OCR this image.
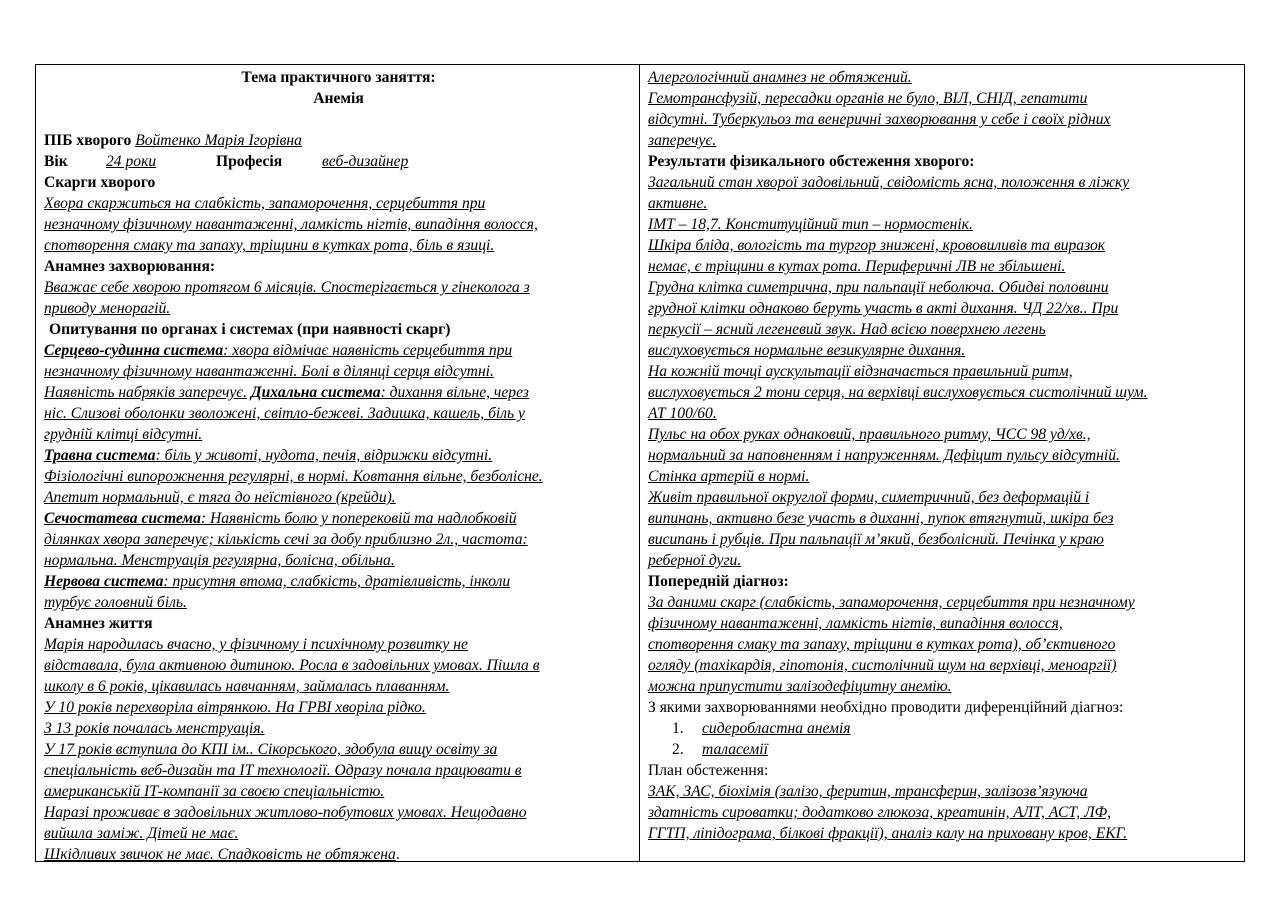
Тема практичного заняття:
Анемія
ПІБ хворого Войтенко Марія Ігорівна
Вік 24 роки	Професія	веб-дизайнер
Скарги хворого
Хвора скаржиться на слабкість, запаморочення, серцебиття при
незначному фізичному навантаженні, ламкість нігтів, випадіння волосся,
спотворення смаку та запаху, тріщини в кутках рота, біль в язиці.
Анамнез захворювання:
Вважає себе хворою протягом 6 місяців. Спостерігається у гінеколога з
приводу менорагій.
Опитування по органах і системах (при наявності скарг)
Серцево-судинна система: хвора відмічає наявність серцебиття при
незначному фізичному навантаженні. Болі в ділянці серця відсутні.
Наявність набряків заперечує. Дихальна система: дихання вільне, через
ніс. Слизові оболонки зволожені, світло-бежеві. Задишка, кашель, біль у
грудній клітці відсутні.
Травна система: біль у животі, нудота, печія, відрижки відсутні.
Фізіологічні випорожнення регулярні, в нормі. Ковтання вільне, безболісне.
Апетит нормальний, є тяга до неїстівного (крейди).
Сечостатева система: Наявність болю у поперековій та надлобковій
ділянках хвора заперечує; кількість сечі за добу приблизно 2л., частота:
нормальна. Менструація регулярна, болісна, обільна.
Нервова система: присутня втома, слабкість, дратівливість, інколи
турбує головний біль.
Анамнез життя
Марія народилась вчасно, у фізичному і психічному розвитку не
відставала, була активною дитиною. Росла в задовільних умовах. Пішла в
школу в 6 років, цікавилась навчанням, займалась плаванням.
У 10 років перехворіла вітрянкою. На ГРВІ хворіла рідко.
З 13 років почалась менструація.
У 17 років вступила до КПІ ім.. Сікорського, здобула вищу освіту за
спеціальність веб-дизайн та ІТ технології. Одразу почала працювати в
американській ІТ-компанії за своєю спеціальністю.
Наразі проживає в задовільних житлово-побутових умовах. Нещодавно
вийшла заміж. Дітей не має.
Шкідливих звичок не має. Спадковість не обтяжена.
Алергологічний анамнез не обтяжений.
Гемотрансфузій, пересадки органів не було, ВІЛ, СНІД, гепатити
відсутні. Туберкульоз та венеричні захворювання у себе і своїх рідних
заперечує.
Результати фізикального обстеження хворого:
Загальний стан хворої задовільний, свідомість ясна, положення в ліжку
активне.
ІМТ – 18,7. Конституційний тип – нормостенік.
Шкіра бліда, вологість та тургор знижені, крововиливів та виразок
немає, є тріщини в кутах рота. Периферичні ЛВ не збільшені.
Грудна клітка симетрична, при пальпації неболюча. Обидві половини
грудної клітки однаково беруть участь в акті дихання. ЧД 22/хв.. При
перкусії – ясний легеневий звук. Над всією поверхнею легень
вислуховується нормальне везикулярне дихання.
На кожній точці аускультації відзначається правильний ритм,
вислуховується 2 тони серця, на верхівці вислуховується систолічний шум.
АТ 100/60.
Пульс на обох руках однаковий, правильного ритму, ЧСС 98 уд/хв.,
нормальний за наповненням і напруженням. Дефіцит пульсу відсутній.
Стінка артерій в нормі.
Живіт правильної округлої форми, симетричний, без деформацій і
випинань, активно безе участь в диханні, пупок втягнутий, шкіра без
висипань і рубців. При пальпації м’який, безболісний. Печінка у краю
реберної дуги.
Попередній діагноз:
За даними скарг (слабкість, запаморочення, серцебиття при незначному
фізичному навантаженні, ламкість нігтів, випадіння волосся,
спотворення смаку та запаху, тріщини в кутках рота), об’єктивного
огляду (тахікардія, гіпотонія, систолічний шум на верхівці, меноаргії)
можна припустити залізодефіцитну анемію.
З якими захворюваннями необхідно проводити диференційний діагноз:
1. сидеробластна анемія
2. таласемії
План обстеження:
ЗАК, ЗАС, біохімія (залізо, феритин, трансферин, залізозв’язуюча
здатність сироватки; додатково глюкоза, креатинін, АЛТ, АСТ, ЛФ,
ГГТП, ліпідограма, білкові фракції), аналіз калу на приховану кров, ЕКГ.
